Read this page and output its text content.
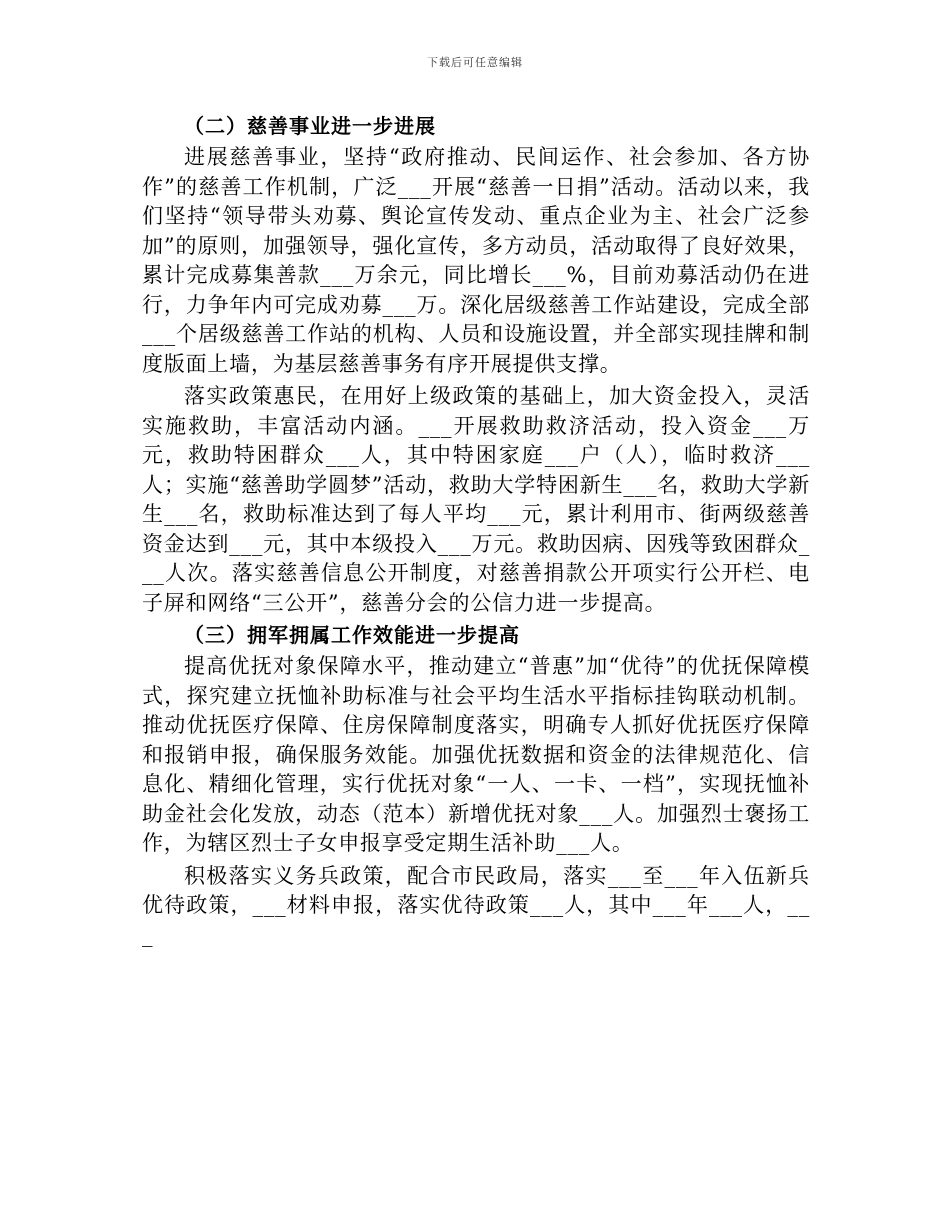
下载后可任意编辑
（二）慈善事业进一步进展

进展慈善事业，坚持“政府推动、民间运作、社会参加、各方协作”的慈善工作机制，广泛___开展“慈善一日捐”活动。活动以来，我们坚持“领导带头劝募、舆论宣传发动、重点企业为主、社会广泛参加”的原则，加强领导，强化宣传，多方动员，活动取得了良好效果，累计完成募集善款___万余元，同比增长___%，目前劝募活动仍在进行，力争年内可完成劝募___万。深化居级慈善工作站建设，完成全部___个居级慈善工作站的机构、人员和设施设置，并全部实现挂牌和制度版面上墙，为基层慈善事务有序开展提供支撑。

落实政策惠民，在用好上级政策的基础上，加大资金投入，灵活实施救助，丰富活动内涵。___开展救助救济活动，投入资金___万元，救助特困群众___人，其中特困家庭___户（人），临时救济___人；实施“慈善助学圆梦”活动，救助大学特困新生___名，救助大学新生___名，救助标准达到了每人平均___元，累计利用市、街两级慈善资金达到___元，其中本级投入___万元。救助因病、因残等致困群众___人次。落实慈善信息公开制度，对慈善捐款公开项实行公开栏、电子屏和网络“三公开”，慈善分会的公信力进一步提高。

（三）拥军拥属工作效能进一步提高

提高优抚对象保障水平，推动建立“普惠”加“优待”的优抚保障模式，探究建立抚恤补助标准与社会平均生活水平指标挂钩联动机制。推动优抚医疗保障、住房保障制度落实，明确专人抓好优抚医疗保障和报销申报，确保服务效能。加强优抚数据和资金的法律规范化、信息化、精细化管理，实行优抚对象“一人、一卡、一档”，实现抚恤补助金社会化发放，动态（范本）新增优抚对象___人。加强烈士褒扬工作，为辖区烈士子女申报享受定期生活补助___人。

积极落实义务兵政策，配合市民政局，落实___至___年入伍新兵优待政策，___材料申报，落实优待政策___人，其中___年___人，___
